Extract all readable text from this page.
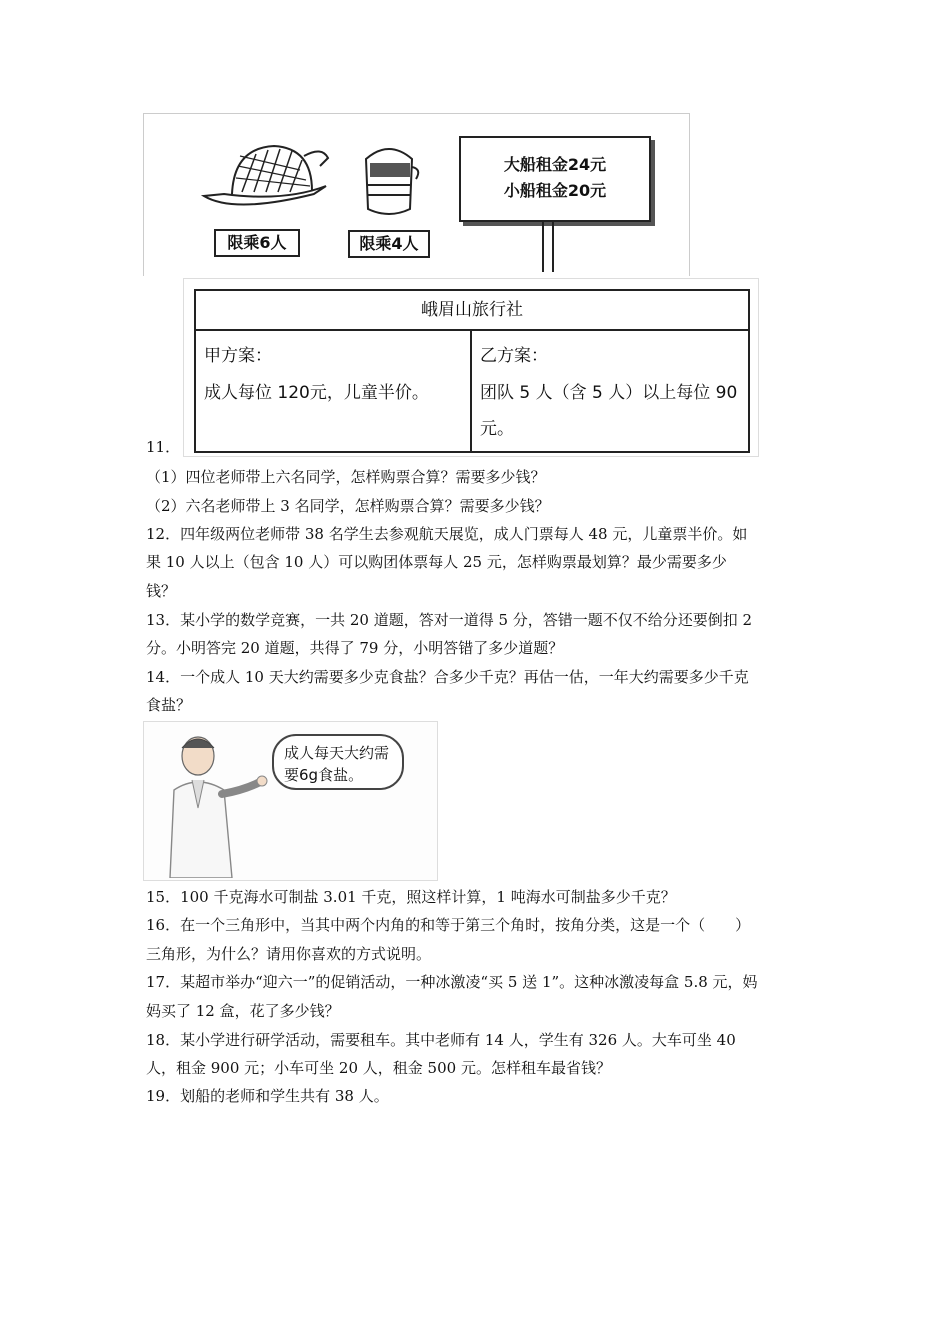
限乘6人	限乘4人
大船租金24元
小船租金20元
峨眉山旅行社
甲方案：
成人每位 120元，儿童半价。
乙方案：
团队 5 人（含 5 人）以上每位 90元。
11．
（1）四位老师带上六名同学，怎样购票合算？需要多少钱？
（2）六名老师带上 3 名同学，怎样购票合算？需要多少钱？
12．四年级两位老师带 38 名学生去参观航天展览，成人门票每人 48 元，儿童票半价。如
果 10 人以上（包含 10 人）可以购团体票每人 25 元，怎样购票最划算？最少需要多少
钱？
13．某小学的数学竞赛，一共 20 道题，答对一道得 5 分，答错一题不仅不给分还要倒扣 2
分。小明答完 20 道题，共得了 79 分，小明答错了多少道题？
14．一个成人 10 天大约需要多少克食盐？合多少千克？再估一估，一年大约需要多少千克
食盐？
成人每天大约需
要6g食盐。
15．100 千克海水可制盐 3.01 千克，照这样计算，1 吨海水可制盐多少千克？
16．在一个三角形中，当其中两个内角的和等于第三个角时，按角分类，这是一个（　　）
三角形，为什么？请用你喜欢的方式说明。
17．某超市举办“迎六一”的促销活动，一种冰激凌“买 5 送 1”。这种冰激凌每盒 5.8 元，妈
妈买了 12 盒，花了多少钱？
18．某小学进行研学活动，需要租车。其中老师有 14 人，学生有 326 人。大车可坐 40
人，租金 900 元；小车可坐 20 人，租金 500 元。怎样租车最省钱？
19．划船的老师和学生共有 38 人。
